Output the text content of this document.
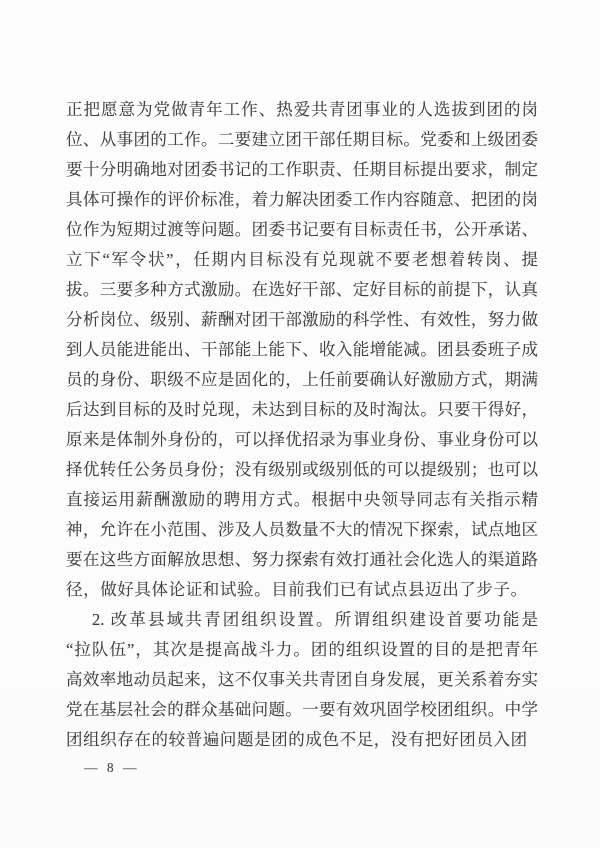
正把愿意为党做青年工作、热爱共青团事业的人选拔到团的岗
位、从事团的工作。二要建立团干部任期目标。党委和上级团委
要十分明确地对团委书记的工作职责、任期目标提出要求，制定
具体可操作的评价标准，着力解决团委工作内容随意、把团的岗
位作为短期过渡等问题。团委书记要有目标责任书，公开承诺、
立下“军令状”，任期内目标没有兑现就不要老想着转岗、提
拔。三要多种方式激励。在选好干部、定好目标的前提下，认真
分析岗位、级别、薪酬对团干部激励的科学性、有效性，努力做
到人员能进能出、干部能上能下、收入能增能减。团县委班子成
员的身份、职级不应是固化的，上任前要确认好激励方式，期满
后达到目标的及时兑现，未达到目标的及时淘汰。只要干得好，
原来是体制外身份的，可以择优招录为事业身份、事业身份可以
择优转任公务员身份；没有级别或级别低的可以提级别；也可以
直接运用薪酬激励的聘用方式。根据中央领导同志有关指示精
神，允许在小范围、涉及人员数量不大的情况下探索，试点地区
要在这些方面解放思想、努力探索有效打通社会化选人的渠道路
径，做好具体论证和试验。目前我们已有试点县迈出了步子。
2. 改革县域共青团组织设置。所谓组织建设首要功能是
“拉队伍”，其次是提高战斗力。团的组织设置的目的是把青年
高效率地动员起来，这不仅事关共青团自身发展，更关系着夯实
党在基层社会的群众基础问题。一要有效巩固学校团组织。中学
团组织存在的较普遍问题是团的成色不足，没有把好团员入团
— 8 —
